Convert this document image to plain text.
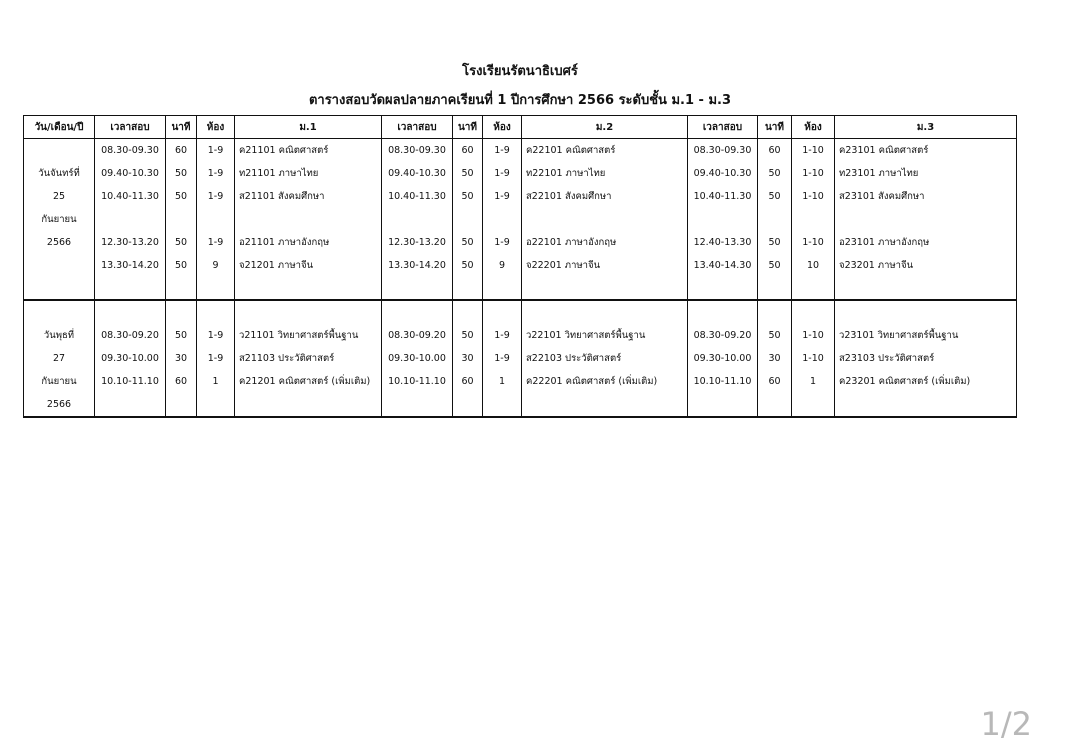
โรงเรียนรัตนาธิเบศร์
ตารางสอบวัดผลปลายภาคเรียนที่ 1 ปีการศึกษา 2566 ระดับชั้น ม.1 - ม.3
วัน/เดือน/ปี	เวลาสอบ	นาที	ห้อง	ม.1	เวลาสอบ	นาที	ห้อง	ม.2	เวลาสอบ	นาที	ห้อง	ม.3
	08.30-09.30	60	1-9	ค21101 คณิตศาสตร์	08.30-09.30	60	1-9	ค22101 คณิตศาสตร์	08.30-09.30	60	1-10	ค23101 คณิตศาสตร์
วันจันทร์ที่	09.40-10.30	50	1-9	ท21101 ภาษาไทย	09.40-10.30	50	1-9	ท22101 ภาษาไทย	09.40-10.30	50	1-10	ท23101 ภาษาไทย
25	10.40-11.30	50	1-9	ส21101 สังคมศึกษา	10.40-11.30	50	1-9	ส22101 สังคมศึกษา	10.40-11.30	50	1-10	ส23101 สังคมศึกษา
กันยายน												
2566	12.30-13.20	50	1-9	อ21101 ภาษาอังกฤษ	12.30-13.20	50	1-9	อ22101 ภาษาอังกฤษ	12.40-13.30	50	1-10	อ23101 ภาษาอังกฤษ
	13.30-14.20	50	9	จ21201 ภาษาจีน	13.30-14.20	50	9	จ22201 ภาษาจีน	13.40-14.30	50	10	จ23201 ภาษาจีน

วันพุธที่	08.30-09.20	50	1-9	ว21101 วิทยาศาสตร์พื้นฐาน	08.30-09.20	50	1-9	ว22101 วิทยาศาสตร์พื้นฐาน	08.30-09.20	50	1-10	ว23101 วิทยาศาสตร์พื้นฐาน
27	09.30-10.00	30	1-9	ส21103 ประวัติศาสตร์	09.30-10.00	30	1-9	ส22103 ประวัติศาสตร์	09.30-10.00	30	1-10	ส23103 ประวัติศาสตร์
กันยายน	10.10-11.10	60	1	ค21201 คณิตศาสตร์ (เพิ่มเติม)	10.10-11.10	60	1	ค22201 คณิตศาสตร์ (เพิ่มเติม)	10.10-11.10	60	1	ค23201 คณิตศาสตร์ (เพิ่มเติม)
2566												
1/2
